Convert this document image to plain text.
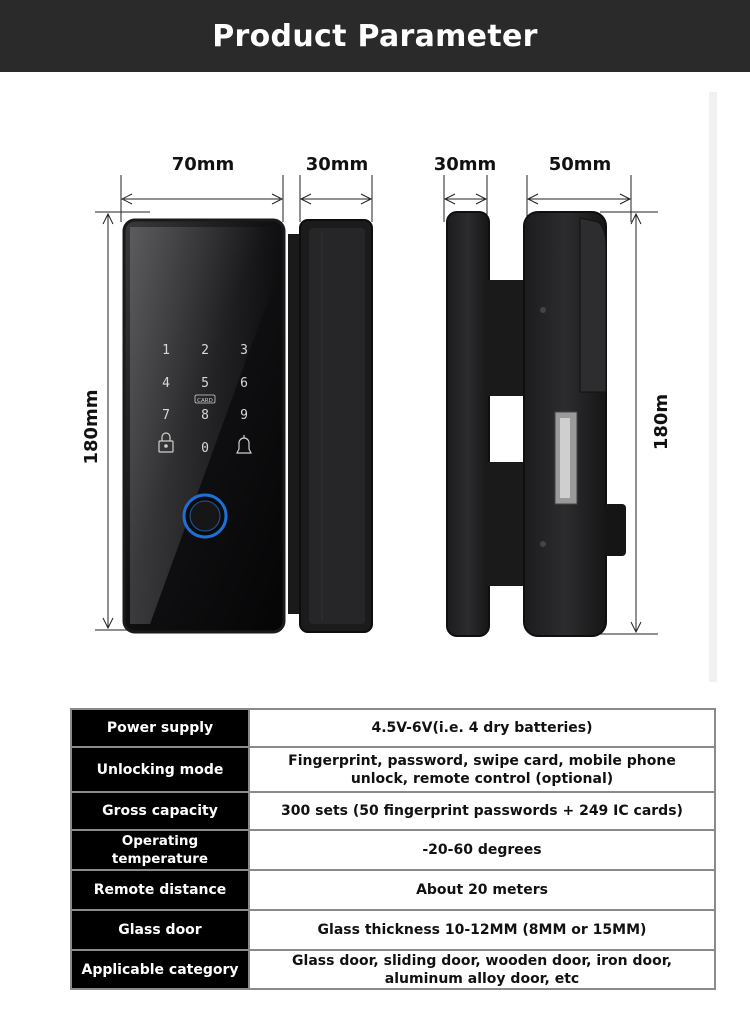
Product Parameter
70mm	30mm
180mm
30mm	50mm
180m
1 2 3
4 5 6
7 8 9
0
CARD
Power supply	4.5V-6V(i.e. 4 dry batteries)
Unlocking mode	Fingerprint, password, swipe card, mobile phone unlock, remote control (optional)
Gross capacity	300 sets (50 fingerprint passwords + 249 IC cards)
Operating temperature	-20-60 degrees
Remote distance	About 20 meters
Glass door	Glass thickness 10-12MM (8MM or 15MM)
Applicable category	Glass door, sliding door, wooden door, iron door, aluminum alloy door, etc
